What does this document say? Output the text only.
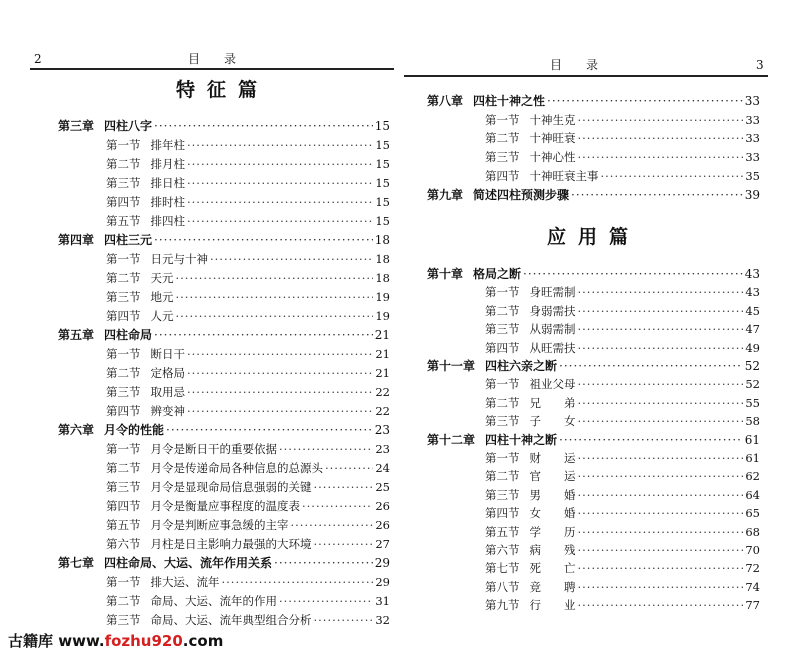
2	目　　录
特征篇
第三章 四柱八字 ·····	15
第一节 排年柱 ·····	15
第二节 排月柱 ·····	15
第三节 排日柱 ·····	15
第四节 排时柱 ·····	15
第五节 排四柱 ·····	15
第四章 四柱三元 ·····	18
第一节 日元与十神 ·····	18
第二节 天元 ·····	18
第三节 地元 ·····	19
第四节 人元 ·····	19
第五章 四柱命局 ·····	21
第一节 断日干 ·····	21
第二节 定格局 ·····	21
第三节 取用忌 ·····	22
第四节 辨变神 ·····	22
第六章 月令的性能 ·····	23
第一节 月令是断日干的重要依据 ·····	23
第二节 月令是传递命局各种信息的总源头 ·····	24
第三节 月令是显现命局信息强弱的关键 ·····	25
第四节 月令是衡量应事程度的温度表 ·····	26
第五节 月令是判断应事急缓的主宰 ·····	26
第六节 月柱是日主影响力最强的大环境 ·····	27
第七章 四柱命局、大运、流年作用关系 ·····	29
第一节 排大运、流年 ·····	29
第二节 命局、大运、流年的作用 ·····	31
第三节 命局、大运、流年典型组合分析 ·····	32
目　　录	3
第八章 四柱十神之性 ·····	33
第一节 十神生克 ·····	33
第二节 十神旺衰 ·····	33
第三节 十神心性 ·····	33
第四节 十神旺衰主事 ·····	35
第九章 简述四柱预测步骤 ·····	39
应用篇
第十章 格局之断 ·····	43
第一节 身旺需制 ·····	43
第二节 身弱需扶 ·····	45
第三节 从弱需制 ·····	47
第四节 从旺需扶 ·····	49
第十一章 四柱六亲之断 ·····	52
第一节 祖业父母 ·····	52
第二节 兄　　弟 ·····	55
第三节 子　　女 ·····	58
第十二章 四柱十神之断 ·····	61
第一节 财　　运 ·····	61
第二节 官　　运 ·····	62
第三节 男　　婚 ·····	64
第四节 女　　婚 ·····	65
第五节 学　　历 ·····	68
第六节 病　　残 ·····	70
第七节 死　　亡 ·····	72
第八节 竞　　聘 ·····	74
第九节 行　　业 ·····	77
古籍库 www.fozhu920.com
